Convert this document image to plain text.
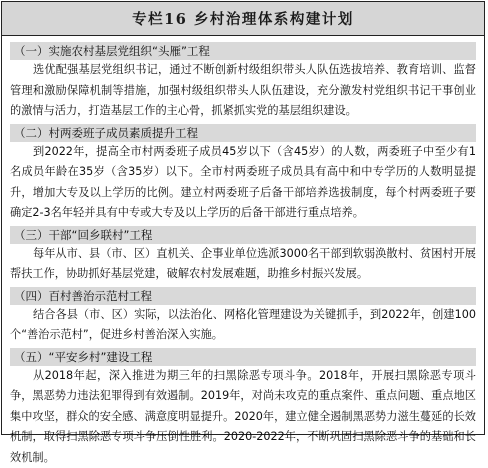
专栏16 乡村治理体系构建计划
（一）实施农村基层党组织“头雁”工程

选优配强基层党组织书记，通过不断创新村级组织带头人队伍选拔培养、教育培训、监督管理和激励保障机制等措施，加强村级组织带头人队伍建设，充分激发村党组织书记干事创业的激情与活力，打造基层工作的主心骨，抓紧抓实党的基层组织建设。

（二）村两委班子成员素质提升工程

到2022年，提高全市村两委班子成员45岁以下（含45岁）的人数，两委班子中至少有1名成员年龄在35岁（含35岁）以下。全市村两委班子成员具有高中和中专学历的人数明显提升，增加大专及以上学历的比例。建立村两委班子后备干部培养选拔制度，每个村两委班子要确定2-3名年轻并具有中专或大专及以上学历的后备干部进行重点培养。

（三）干部“回乡联村”工程

每年从市、县（市、区）直机关、企事业单位选派3000名干部到软弱涣散村、贫困村开展帮扶工作，协助抓好基层党建，破解农村发展难题，助推乡村振兴发展。

（四）百村善治示范村工程

结合各县（市、区）实际，以法治化、网格化管理建设为关键抓手，到2022年，创建100个“善治示范村”，促进乡村善治深入实施。

（五）“平安乡村”建设工程

从2018年起，深入推进为期三年的扫黑除恶专项斗争。2018年，开展扫黑除恶专项斗争，黑恶势力违法犯罪得到有效遏制。2019年，对尚未攻克的重点案件、重点问题、重点地区集中攻坚，群众的安全感、满意度明显提升。2020年，建立健全遏制黑恶势力滋生蔓延的长效机制，取得扫黑除恶专项斗争压倒性胜利。2020-2022年，不断巩固扫黑除恶斗争的基础和长效机制。
